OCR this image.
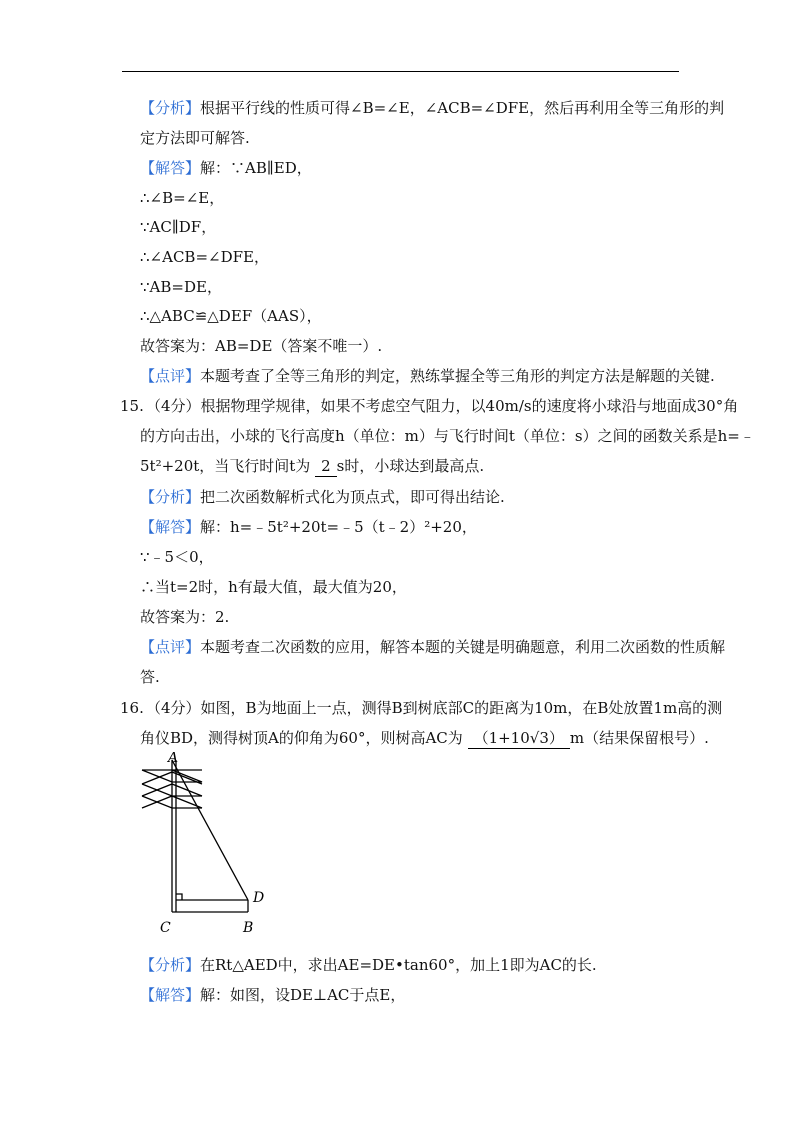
【分析】根据平行线的性质可得∠B=∠E，∠ACB=∠DFE，然后再利用全等三角形的判
定方法即可解答.
【解答】解：∵AB∥ED，
∴∠B=∠E，
∵AC∥DF，
∴∠ACB=∠DFE，
∵AB=DE，
∴△ABC≌△DEF（AAS），
故答案为：AB=DE（答案不唯一）.
【点评】本题考查了全等三角形的判定，熟练掌握全等三角形的判定方法是解题的关键.
15. （4分）根据物理学规律，如果不考虑空气阻力，以40m/s的速度将小球沿与地面成30°角
的方向击出，小球的飞行高度h（单位：m）与飞行时间t（单位：s）之间的函数关系是h=﹣
5t²+20t，当飞行时间t为 2 s时，小球达到最高点.
【分析】把二次函数解析式化为顶点式，即可得出结论.
【解答】解：h=﹣5t²+20t=﹣5（t﹣2）²+20，
∵﹣5＜0，
∴当t=2时，h有最大值，最大值为20，
故答案为：2.
【点评】本题考查二次函数的应用，解答本题的关键是明确题意，利用二次函数的性质解
答.
16. （4分）如图，B为地面上一点，测得B到树底部C的距离为10m，在B处放置1m高的测
角仪BD，测得树顶A的仰角为60°，则树高AC为 （1+10√3） m（结果保留根号）.
A
C	B
D
【分析】在Rt△AED中，求出AE=DE•tan60°，加上1即为AC的长.
【解答】解：如图，设DE⊥AC于点E，
